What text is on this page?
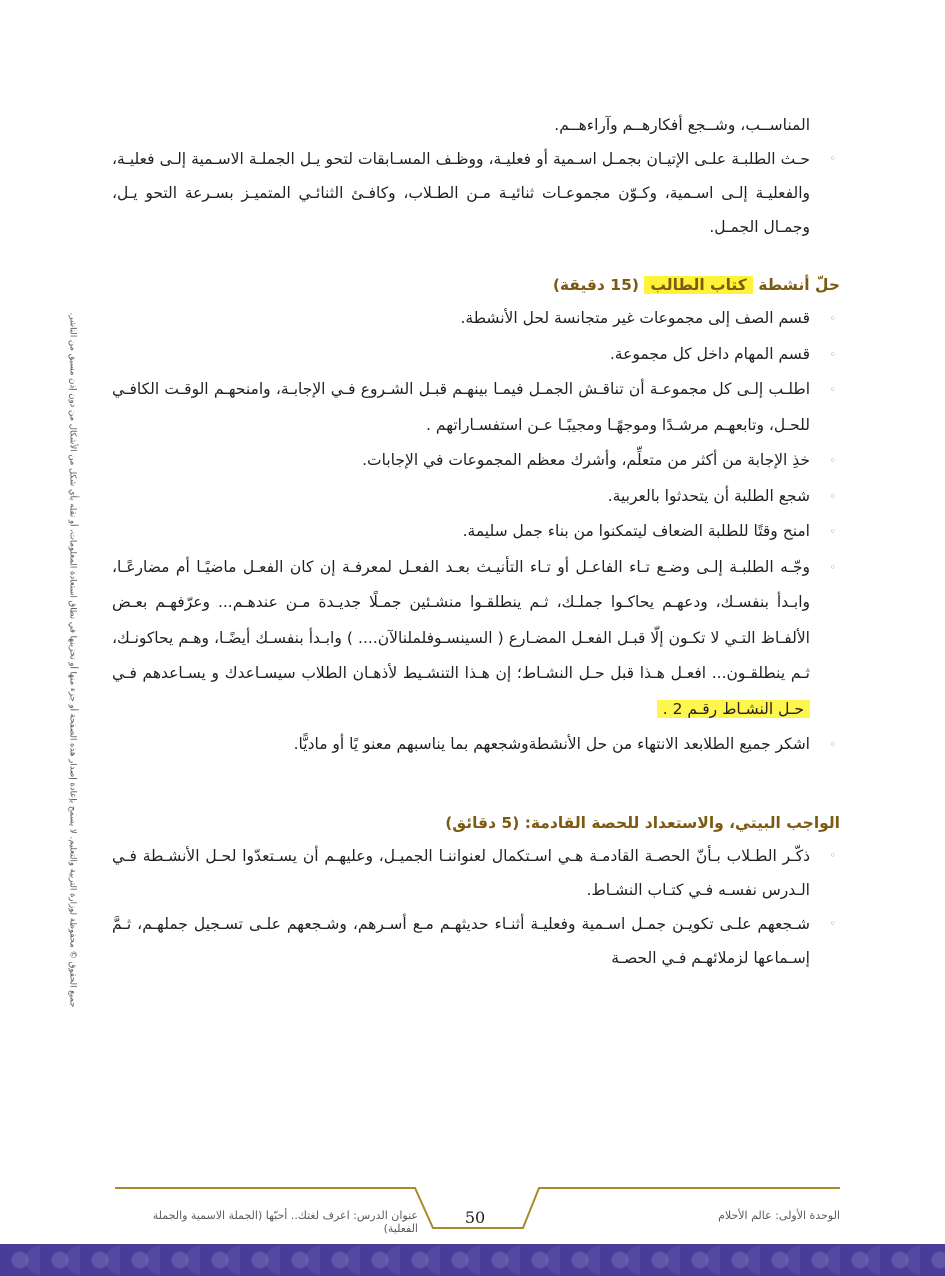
جميع الحقوق © محفوظة لوزارة التربية والتعليم. لا يسمح بإعادة إصدار هذه الصفحة أو جزء منها أو تخزينها في نطاق استعادة المعلومات، أو نقله بأي شكل من الأشكال من دون إذن مسبق من الناشر.
المناســب، وشــجع أفكارهــم وآراءهــم.
◦
حـث الطلبـة علـى الإتيـان بجمـل اسـمية أو فعليـة، ووظـف المسـابقات لتحو يـل الجملـة الاسـمية إلـى فعليـة، والفعليـة إلـى اسـمية، وكـوّن مجموعـات ثنائيـة مـن الطـلاب، وكافـئ الثنائـي المتميـز بسـرعة التحو يـل، وجمـال الجمـل.
حلّ أنشطة كتاب الطالب (15 دقيقة)
◦
قسم الصف إلى مجموعات غير متجانسة لحل الأنشطة.
◦
قسم المهام داخل كل مجموعة.
◦
اطلـب إلـى كل مجموعـة أن تناقـش الجمـل فيمـا بينهـم قبـل الشـروع فـي الإجابـة، وامنحهـم الوقـت الكافـي للحـل، وتابعهـم مرشـدًا وموجهًـا ومجيبًـا عـن استفسـاراتهم .
◦
خذِ الإجابة من أكثر من متعلِّم، وأشرك معظم المجموعات في الإجابات.
◦
شجع الطلبة أن يتحدثوا بالعربية.
◦
امنح وقتًا للطلبة الضعاف ليتمكنوا من بناء جمل سليمة.
◦
وجّـه الطلبـة إلـى وضـع تـاء الفاعـل أو تـاء التأنيـث بعـد الفعـل لمعرفـة إن كان الفعـل ماضيًـا أم مضارعًـا، وابـدأ بنفسـك، ودعهـم يحاكـوا جملـك، ثـم ينطلقـوا منشـئين جمـلًا جديـدة مـن عندهـم... وعرّفهـم بعـض الألفـاظ التـي لا تكـون إلّا قبـل الفعـل المضـارع ( السينسـوفلملنالآن.... ) وابـدأ بنفسـك أيضًـا، وهـم يحاكونـك، ثـم ينطلقـون... افعـل هـذا قبل حـل النشـاط؛ إن هـذا التنشـيط لأذهـان الطلاب سيسـاعدك و يسـاعدهم فـي حـل النشـاط رقـم 2 .
◦
اشكر جميع الطلابعد الانتهاء من حل الأنشطةوشجعهم بما يناسبهم معنو يًا أو ماديًّا.
الواجب البيتي، والاستعداد للحصة القادمة: (5 دقائق)
◦
ذكّـر الطـلاب بـأنّ الحصـة القادمـة هـي اسـتكمال لعنواننـا الجميـل، وعليهـم أن يسـتعدّوا لحـل الأنشـطة فـي الـدرس نفسـه فـي كتـاب النشـاط.
◦
شـجعهم علـى تكويـن جمـل اسـمية وفعليـة أثنـاء حديثهـم مـع أسـرهم، وشـجعهم علـى تسـجيل جملهـم، ثـمَّ إسـماعها لزملائهـم فـي الحصـة
عنوان الدرس: اعرف لغتك.. أحبّها (الجملة الاسمية والجملة الفعلية)
50	الوحدة الأولى: عالم الأحلام
